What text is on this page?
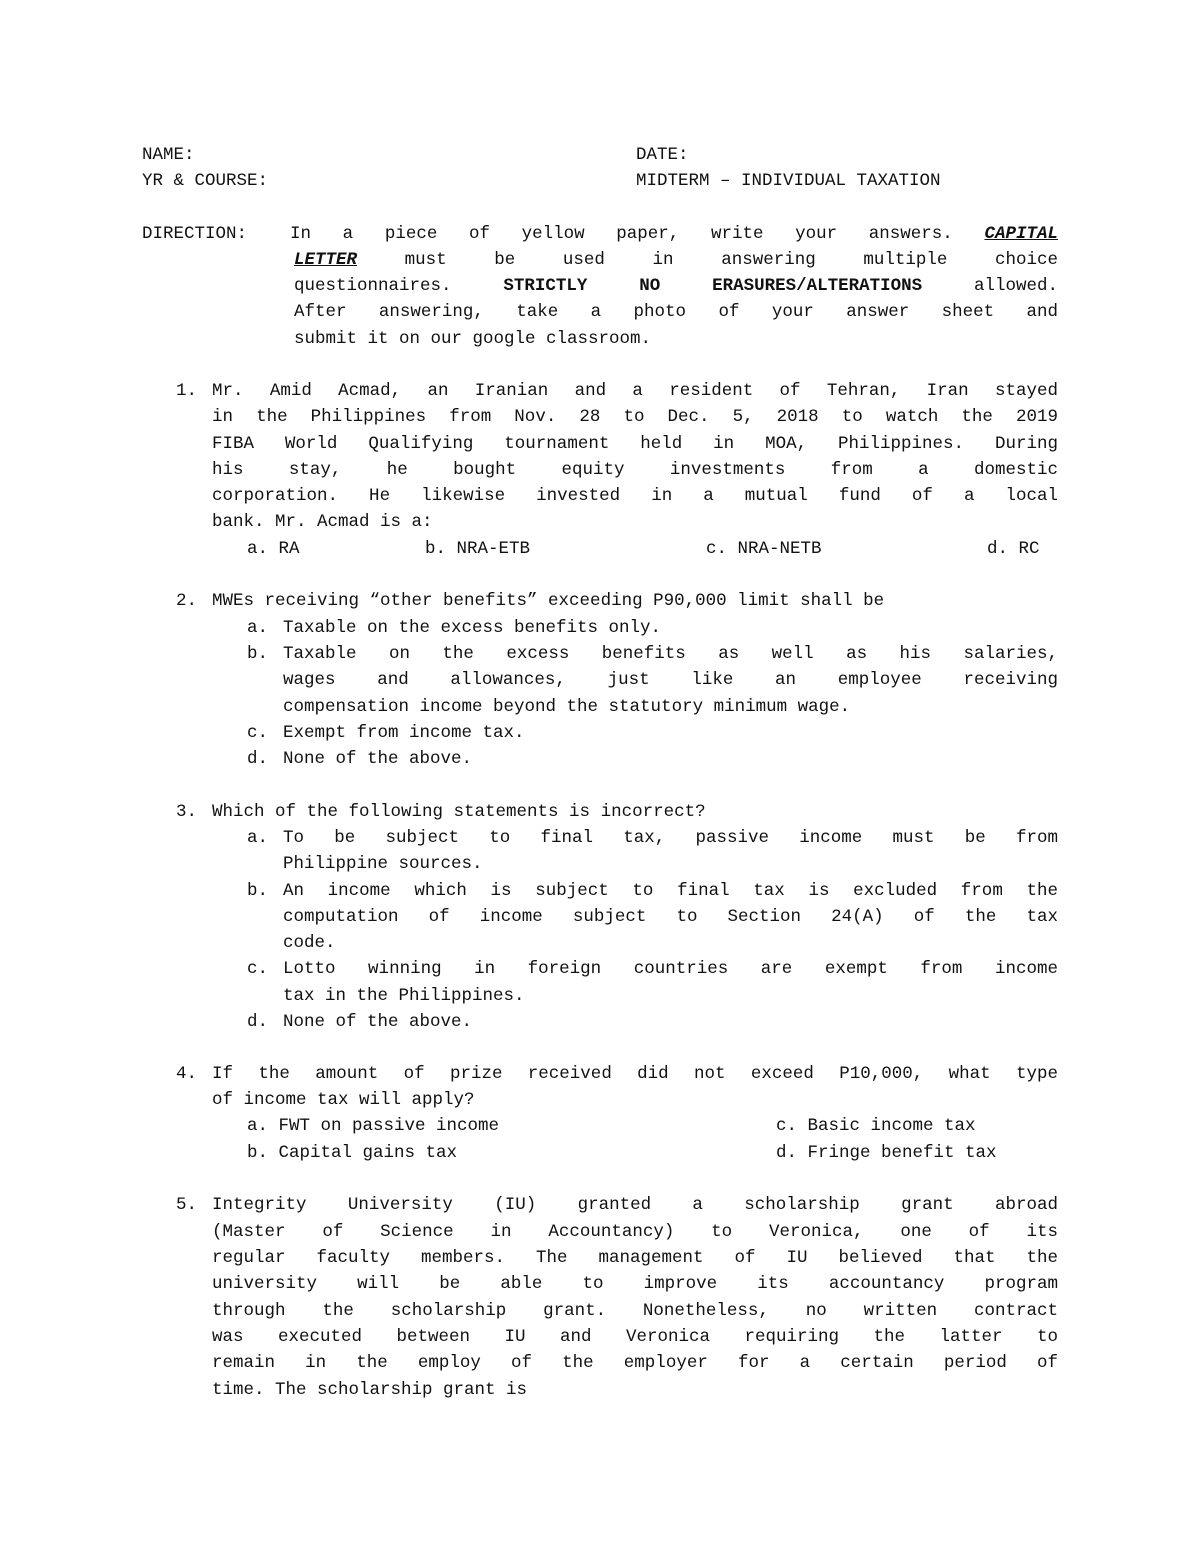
NAME:	DATE:
YR & COURSE:	MIDTERM – INDIVIDUAL TAXATION
DIRECTION: In a piece of yellow paper, write your answers. CAPITAL
LETTER	must be used in answering multiple choice
questionnaires.	STRICTLY NO ERASURES/ALTERATIONS	allowed.
After answering, take a photo of your answer sheet and
submit it on our google classroom.
1. Mr. Amid Acmad, an Iranian and a resident of Tehran, Iran stayed
in the Philippines from Nov. 28 to Dec. 5, 2018 to watch the 2019
FIBA World Qualifying tournament held in MOA, Philippines. During
his stay, he bought equity investments from a domestic
corporation. He likewise invested in a mutual fund of a local
bank. Mr. Acmad is a:
a. RA	b. NRA-ETB	c. NRA-NETB	d. RC
2. MWEs receiving “other benefits” exceeding P90,000 limit shall be
a. Taxable on the excess benefits only.
b. Taxable on the excess benefits as well as his salaries,
wages and allowances, just like an employee receiving
compensation income beyond the statutory minimum wage.
c. Exempt from income tax.
d. None of the above.
3. Which of the following statements is incorrect?
a. To be subject to final tax, passive income must be from
Philippine sources.
b. An income which is subject to final tax is excluded from the
computation of income subject to Section 24(A) of the tax
code.
c. Lotto winning in foreign countries are exempt from income
tax in the Philippines.
d. None of the above.
4. If the amount of prize received did not exceed P10,000, what type
of income tax will apply?
a. FWT on passive income	c. Basic income tax
b. Capital gains tax	d. Fringe benefit tax
5. Integrity University (IU) granted a scholarship grant abroad
(Master of Science in Accountancy) to Veronica, one of its
regular faculty members. The management of IU believed that the
university will be able to improve its accountancy program
through the scholarship grant. Nonetheless, no written contract
was executed between IU and Veronica requiring the latter to
remain in the employ of the employer for a certain period of
time. The scholarship grant is
